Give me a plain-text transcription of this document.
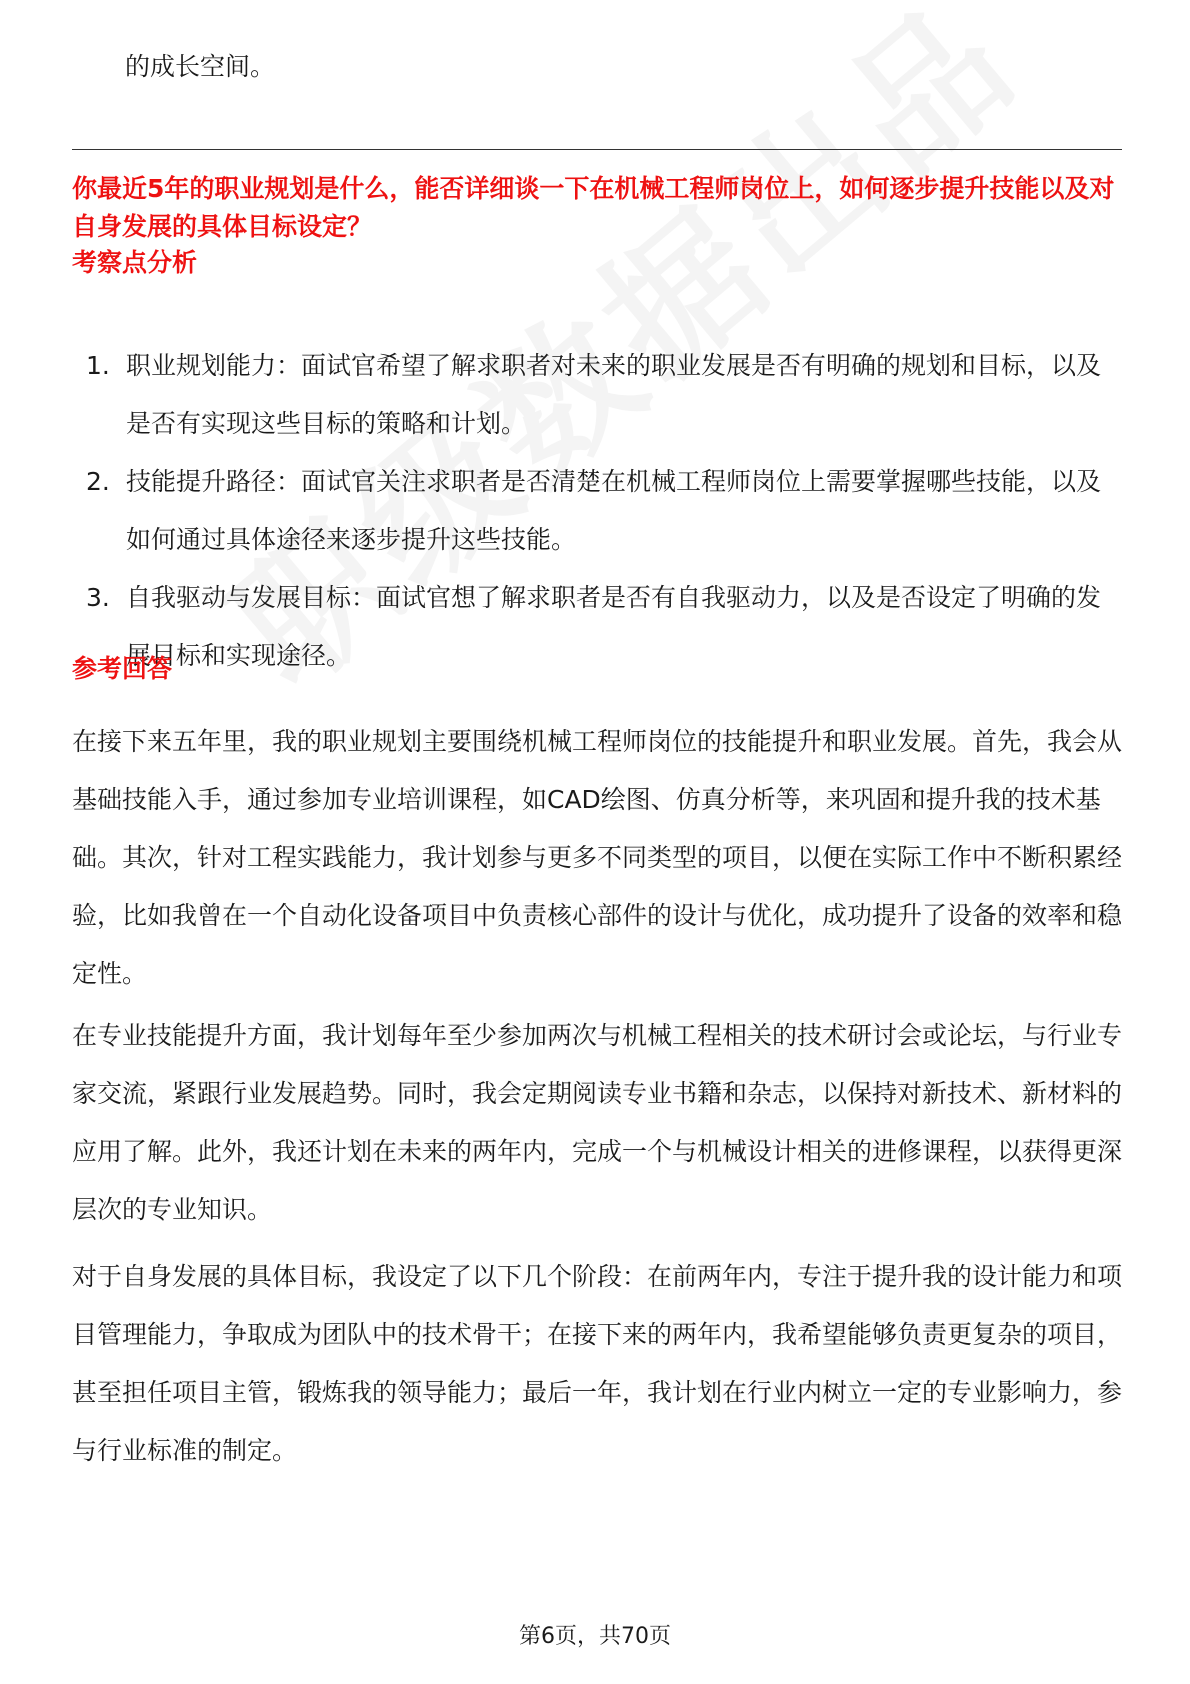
的成长空间。
你最近5年的职业规划是什么，能否详细谈一下在机械工程师岗位上，如何逐步提升技能以及对自身发展的具体目标设定？
考察点分析
1. 职业规划能力：面试官希望了解求职者对未来的职业发展是否有明确的规划和目标，以及是否有实现这些目标的策略和计划。
2. 技能提升路径：面试官关注求职者是否清楚在机械工程师岗位上需要掌握哪些技能，以及如何通过具体途径来逐步提升这些技能。
3. 自我驱动与发展目标：面试官想了解求职者是否有自我驱动力，以及是否设定了明确的发展目标和实现途径。
参考回答

在接下来五年里，我的职业规划主要围绕机械工程师岗位的技能提升和职业发展。首先，我会从基础技能入手，通过参加专业培训课程，如CAD绘图、仿真分析等，来巩固和提升我的技术基础。其次，针对工程实践能力，我计划参与更多不同类型的项目，以便在实际工作中不断积累经验，比如我曾在一个自动化设备项目中负责核心部件的设计与优化，成功提升了设备的效率和稳定性。

在专业技能提升方面，我计划每年至少参加两次与机械工程相关的技术研讨会或论坛，与行业专家交流，紧跟行业发展趋势。同时，我会定期阅读专业书籍和杂志，以保持对新技术、新材料的应用了解。此外，我还计划在未来的两年内，完成一个与机械设计相关的进修课程，以获得更深层次的专业知识。

对于自身发展的具体目标，我设定了以下几个阶段：在前两年内，专注于提升我的设计能力和项目管理能力，争取成为团队中的技术骨干；在接下来的两年内，我希望能够负责更复杂的项目，甚至担任项目主管，锻炼我的领导能力；最后一年，我计划在行业内树立一定的专业影响力，参与行业标准的制定。

第6页，共70页
